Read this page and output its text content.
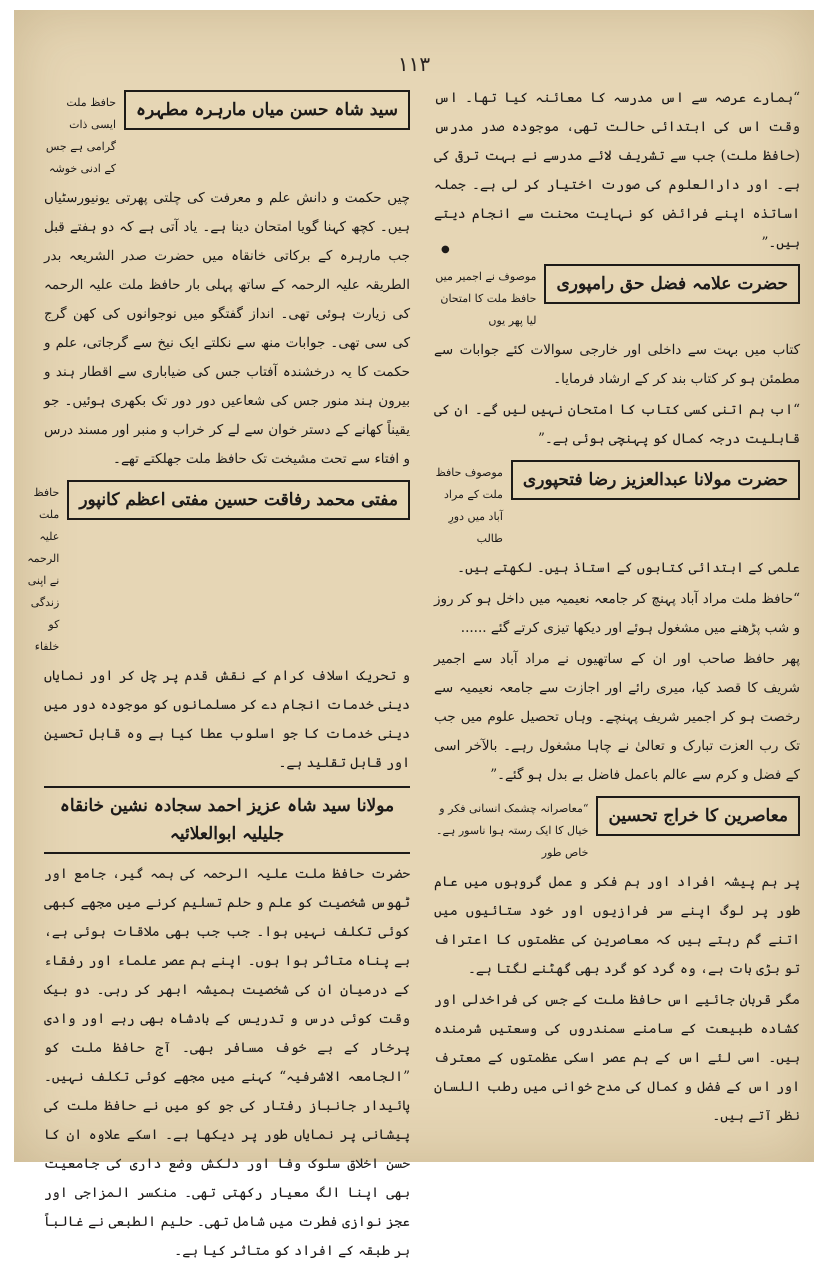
١١٣
●

“ہمارے عرصہ سے اس مدرسہ کا معائنہ کیا تھا۔ اس وقت اس کی ابتدائی حالت تھی، موجودہ صدر مدرس (حافظ ملت) جب سے تشریف لائے مدرسے نے بہت ترقی کی ہے۔ اور دارالعلوم کی صورت اختیار کر لی ہے۔ جملہ اساتذہ اپنے فرائض کو نہایت محنت سے انجام دیتے ہیں۔”

حضرت علامہ فضل حق رامپوری
موصوف نے اجمیر میں حافظ ملت کا امتحان لیا پھر یوں

کتاب میں بہت سے داخلی اور خارجی سوالات کئے جوابات سے مطمئن ہو کر کتاب بند کر کے ارشاد فرمایا۔

“اب ہم اتنی کسی کتاب کا امتحان نہیں لیں گے۔ ان کی قابلیت درجہ کمال کو پہنچی ہوئی ہے۔”

حضرت مولانا عبدالعزیز رضا فتحپوری
موصوف حافظ ملت کے مراد آباد میں دورِ طالب

علمی کے ابتدائی کتابوں کے استاذ ہیں۔ لکھتے ہیں۔

“حافظ ملت مراد آباد پہنچ کر جامعہ نعیمیہ میں داخل ہو کر روز و شب پڑھنے میں مشغول ہوئے اور دیکھا تیزی کرتے گئے ......

پھر حافظ صاحب اور ان کے ساتھیوں نے مراد آباد سے اجمیر شریف کا قصد کیا، میری رائے اور اجازت سے جامعہ نعیمیہ سے رخصت ہو کر اجمیر شریف پہنچے۔ وہاں تحصیل علوم میں جب تک رب العزت تبارک و تعالیٰ نے چاہا مشغول رہے۔ بالآخر اسی کے فضل و کرم سے عالم باعمل فاضل بے بدل ہو گئے۔”

معاصرین کا خراج تحسین
“معاصرانہ چشمک انسانی فکر و خیال کا ایک رستہ ہوا ناسور ہے۔ خاص طور

پر ہم پیشہ افراد اور ہم فکر و عمل گروہوں میں عام طور پر لوگ اپنے سر فرازیوں اور خود ستائیوں میں اتنے گم رہتے ہیں کہ معاصرین کی عظمتوں کا اعتراف تو بڑی بات ہے، وہ گرد کو گرد بھی گھٹنے لگتا ہے۔

مگر قربان جائیے اس حافظ ملت کے جس کی فراخدلی اور کشادہ طبیعت کے سامنے سمندروں کی وسعتیں شرمندہ ہیں۔ اسی لئے اس کے ہم عصر اسکی عظمتوں کے معترف اور اس کے فضل و کمال کی مدح خوانی میں رطب اللسان نظر آتے ہیں۔

سید شاہ حسن میاں مارہرہ مطہرہ
حافظ ملت ایسی ذات گرامی ہے جس کے ادنی خوشہ

چیں حکمت و دانش علم و معرفت کی چلتی پھرتی یونیورسٹیاں ہیں۔ کچھ کہنا گویا امتحان دینا ہے۔ یاد آتی ہے کہ دو ہفتے قبل جب مارہرہ کے برکاتی خانقاہ میں حضرت صدر الشریعہ بدر الطریقہ علیہ الرحمہ کے ساتھ پہلی بار حافظ ملت علیہ الرحمہ کی زیارت ہوئی تھی۔ انداز گفتگو میں نوجوانوں کی کھن گرج کی سی تھی۔ جوابات منھ سے نکلتے ایک نیخ سے گرجاتی، علم و حکمت کا یہ درخشندہ آفتاب جس کی ضیاباری سے اقطار ہند و بیرون ہند منور جس کی شعاعیں دور دور تک بکھری ہوئیں۔ جو یقیناً کھانے کے دستر خوان سے لے کر خراب و منبر اور مسند درس و افتاء سے تحت مشیخت تک حافظ ملت جھلکتے تھے۔

مفتی محمد رفاقت حسین مفتی اعظم کانپور
حافظ ملت علیہ الرحمہ نے اپنی زندگی کو خلفاء

و تحریک اسلاف کرام کے نقش قدم پر چل کر اور نمایاں دینی خدمات انجام دے کر مسلمانوں کو موجودہ دور میں دینی خدمات کا جو اسلوب عطا کیا ہے وہ قابل تحسین اور قابل تقلید ہے۔

مولانا سید شاہ عزیز احمد سجادہ نشین خانقاہ جلیلیہ ابوالعلائیہ

حضرت حافظ ملت علیہ الرحمہ کی ہمہ گیر، جامع اور ٹھوس شخصیت کو علم و حلم تسلیم کرنے میں مجھے کبھی کوئی تکلف نہیں ہوا۔ جب جب بھی ملاقات ہوئی ہے، بے پناہ متاثر ہوا ہوں۔ اپنے ہم عصر علماء اور رفقاء کے درمیان ان کی شخصیت ہمیشہ ابھر کر رہی۔ دو بیک وقت کوئی درس و تدریس کے بادشاہ بھی رہے اور وادی پرخار کے بے خوف مسافر بھی۔ آج حافظ ملت کو ”الجامعہ الاشرفیہ“ کہنے میں مجھے کوئی تکلف نہیں۔ پائیدار جانباز رفتار کی جو کو میں نے حافظ ملت کی پیشانی پر نمایاں طور پر دیکھا ہے۔ اسکے علاوہ ان کا حسن اخلاق سلوک وفا اور دلکش وضع داری کی جامعیت بھی اپنا الگ معیار رکھتی تھی۔ منکسر المزاجی اور عجز نوازی فطرت میں شامل تھی۔ حلیم الطبعی نے غالباً ہر طبقہ کے افراد کو متاثر کیا ہے۔
